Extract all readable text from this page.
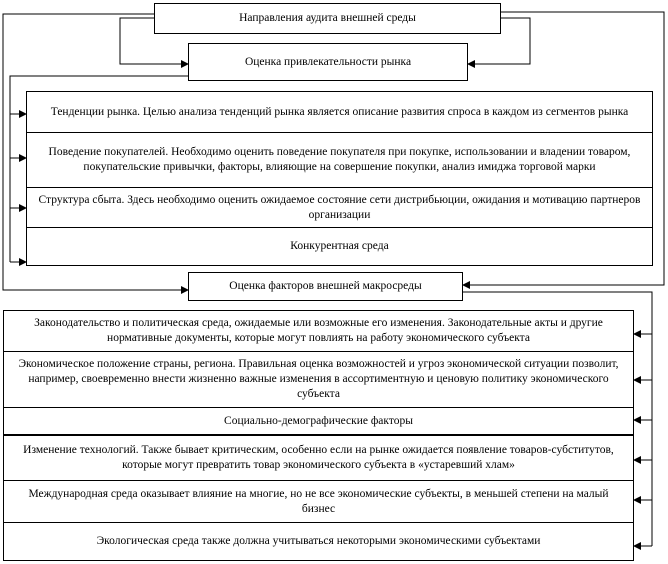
Направления аудита внешней среды
Оценка привлекательности рынка
Тенденции рынка. Целью анализа тенденций рынка является описание развития спроса в каждом из сегментов рынка
Поведение покупателей. Необходимо оценить поведение покупателя при покупке, использовании и владении товаром, покупательские привычки, факторы, влияющие на совершение покупки, анализ имиджа торговой марки
Структура сбыта. Здесь необходимо оценить ожидаемое состояние сети дистрибьюции, ожидания и мотивацию партнеров организации
Конкурентная среда
Оценка факторов внешней макросреды
Законодательство и политическая среда, ожидаемые или возможные его изменения. Законодательные акты и другие нормативные документы, которые могут повлиять на работу экономического субъекта
Экономическое положение страны, региона. Правильная оценка возможностей и угроз экономической ситуации позволит, например, своевременно внести жизненно важные изменения в ассортиментную и ценовую политику экономического субъекта
Социально-демографические факторы
Изменение технологий. Также бывает критическим, особенно если на рынке ожидается появление товаров-субститутов, которые могут превратить товар экономического субъекта в «устаревший хлам»
Международная среда оказывает влияние на многие, но не все экономические субъекты, в меньшей степени на малый бизнес
Экологическая среда также должна учитываться некоторыми экономическими субъектами
